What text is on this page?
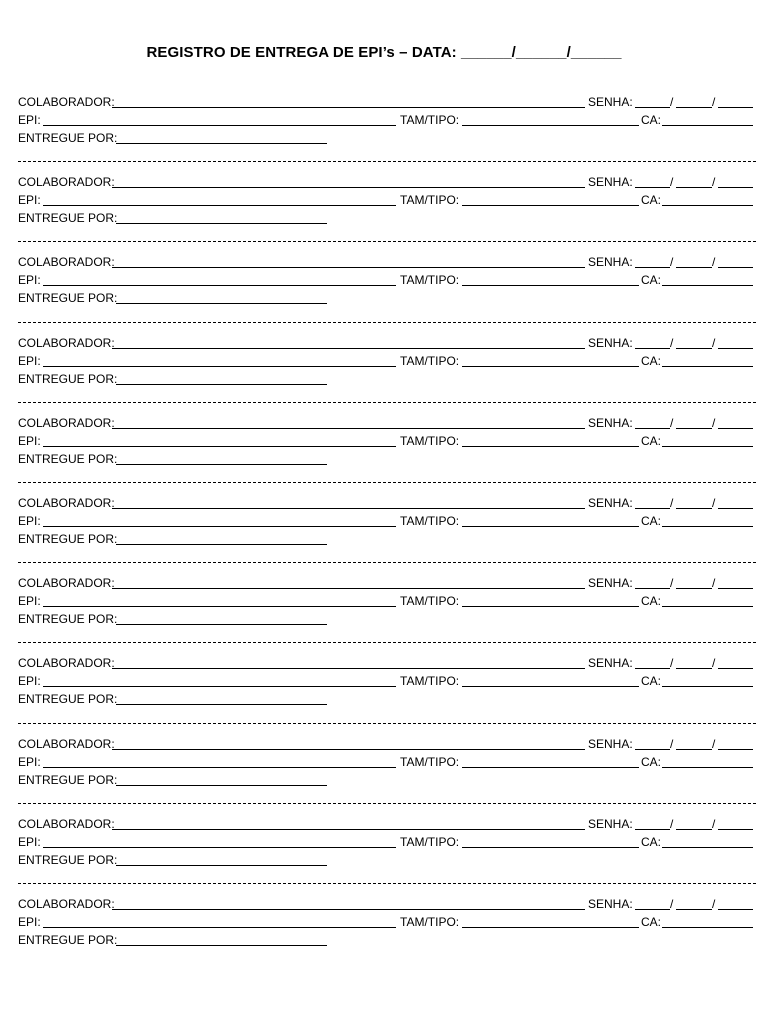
REGISTRO DE ENTREGA DE EPI’s – DATA: ______/______/______
COLABORADOR:	SENHA:	/	/
EPI:	TAM/TIPO:	CA:
ENTREGUE POR:
COLABORADOR:	SENHA:	/	/
EPI:	TAM/TIPO:	CA:
ENTREGUE POR:
COLABORADOR:	SENHA:	/	/
EPI:	TAM/TIPO:	CA:
ENTREGUE POR:
COLABORADOR:	SENHA:	/	/
EPI:	TAM/TIPO:	CA:
ENTREGUE POR:
COLABORADOR:	SENHA:	/	/
EPI:	TAM/TIPO:	CA:
ENTREGUE POR:
COLABORADOR:	SENHA:	/	/
EPI:	TAM/TIPO:	CA:
ENTREGUE POR:
COLABORADOR:	SENHA:	/	/
EPI:	TAM/TIPO:	CA:
ENTREGUE POR:
COLABORADOR:	SENHA:	/	/
EPI:	TAM/TIPO:	CA:
ENTREGUE POR:
COLABORADOR:	SENHA:	/	/
EPI:	TAM/TIPO:	CA:
ENTREGUE POR:
COLABORADOR:	SENHA:	/	/
EPI:	TAM/TIPO:	CA:
ENTREGUE POR:
COLABORADOR:	SENHA:	/	/
EPI:	TAM/TIPO:	CA:
ENTREGUE POR:
